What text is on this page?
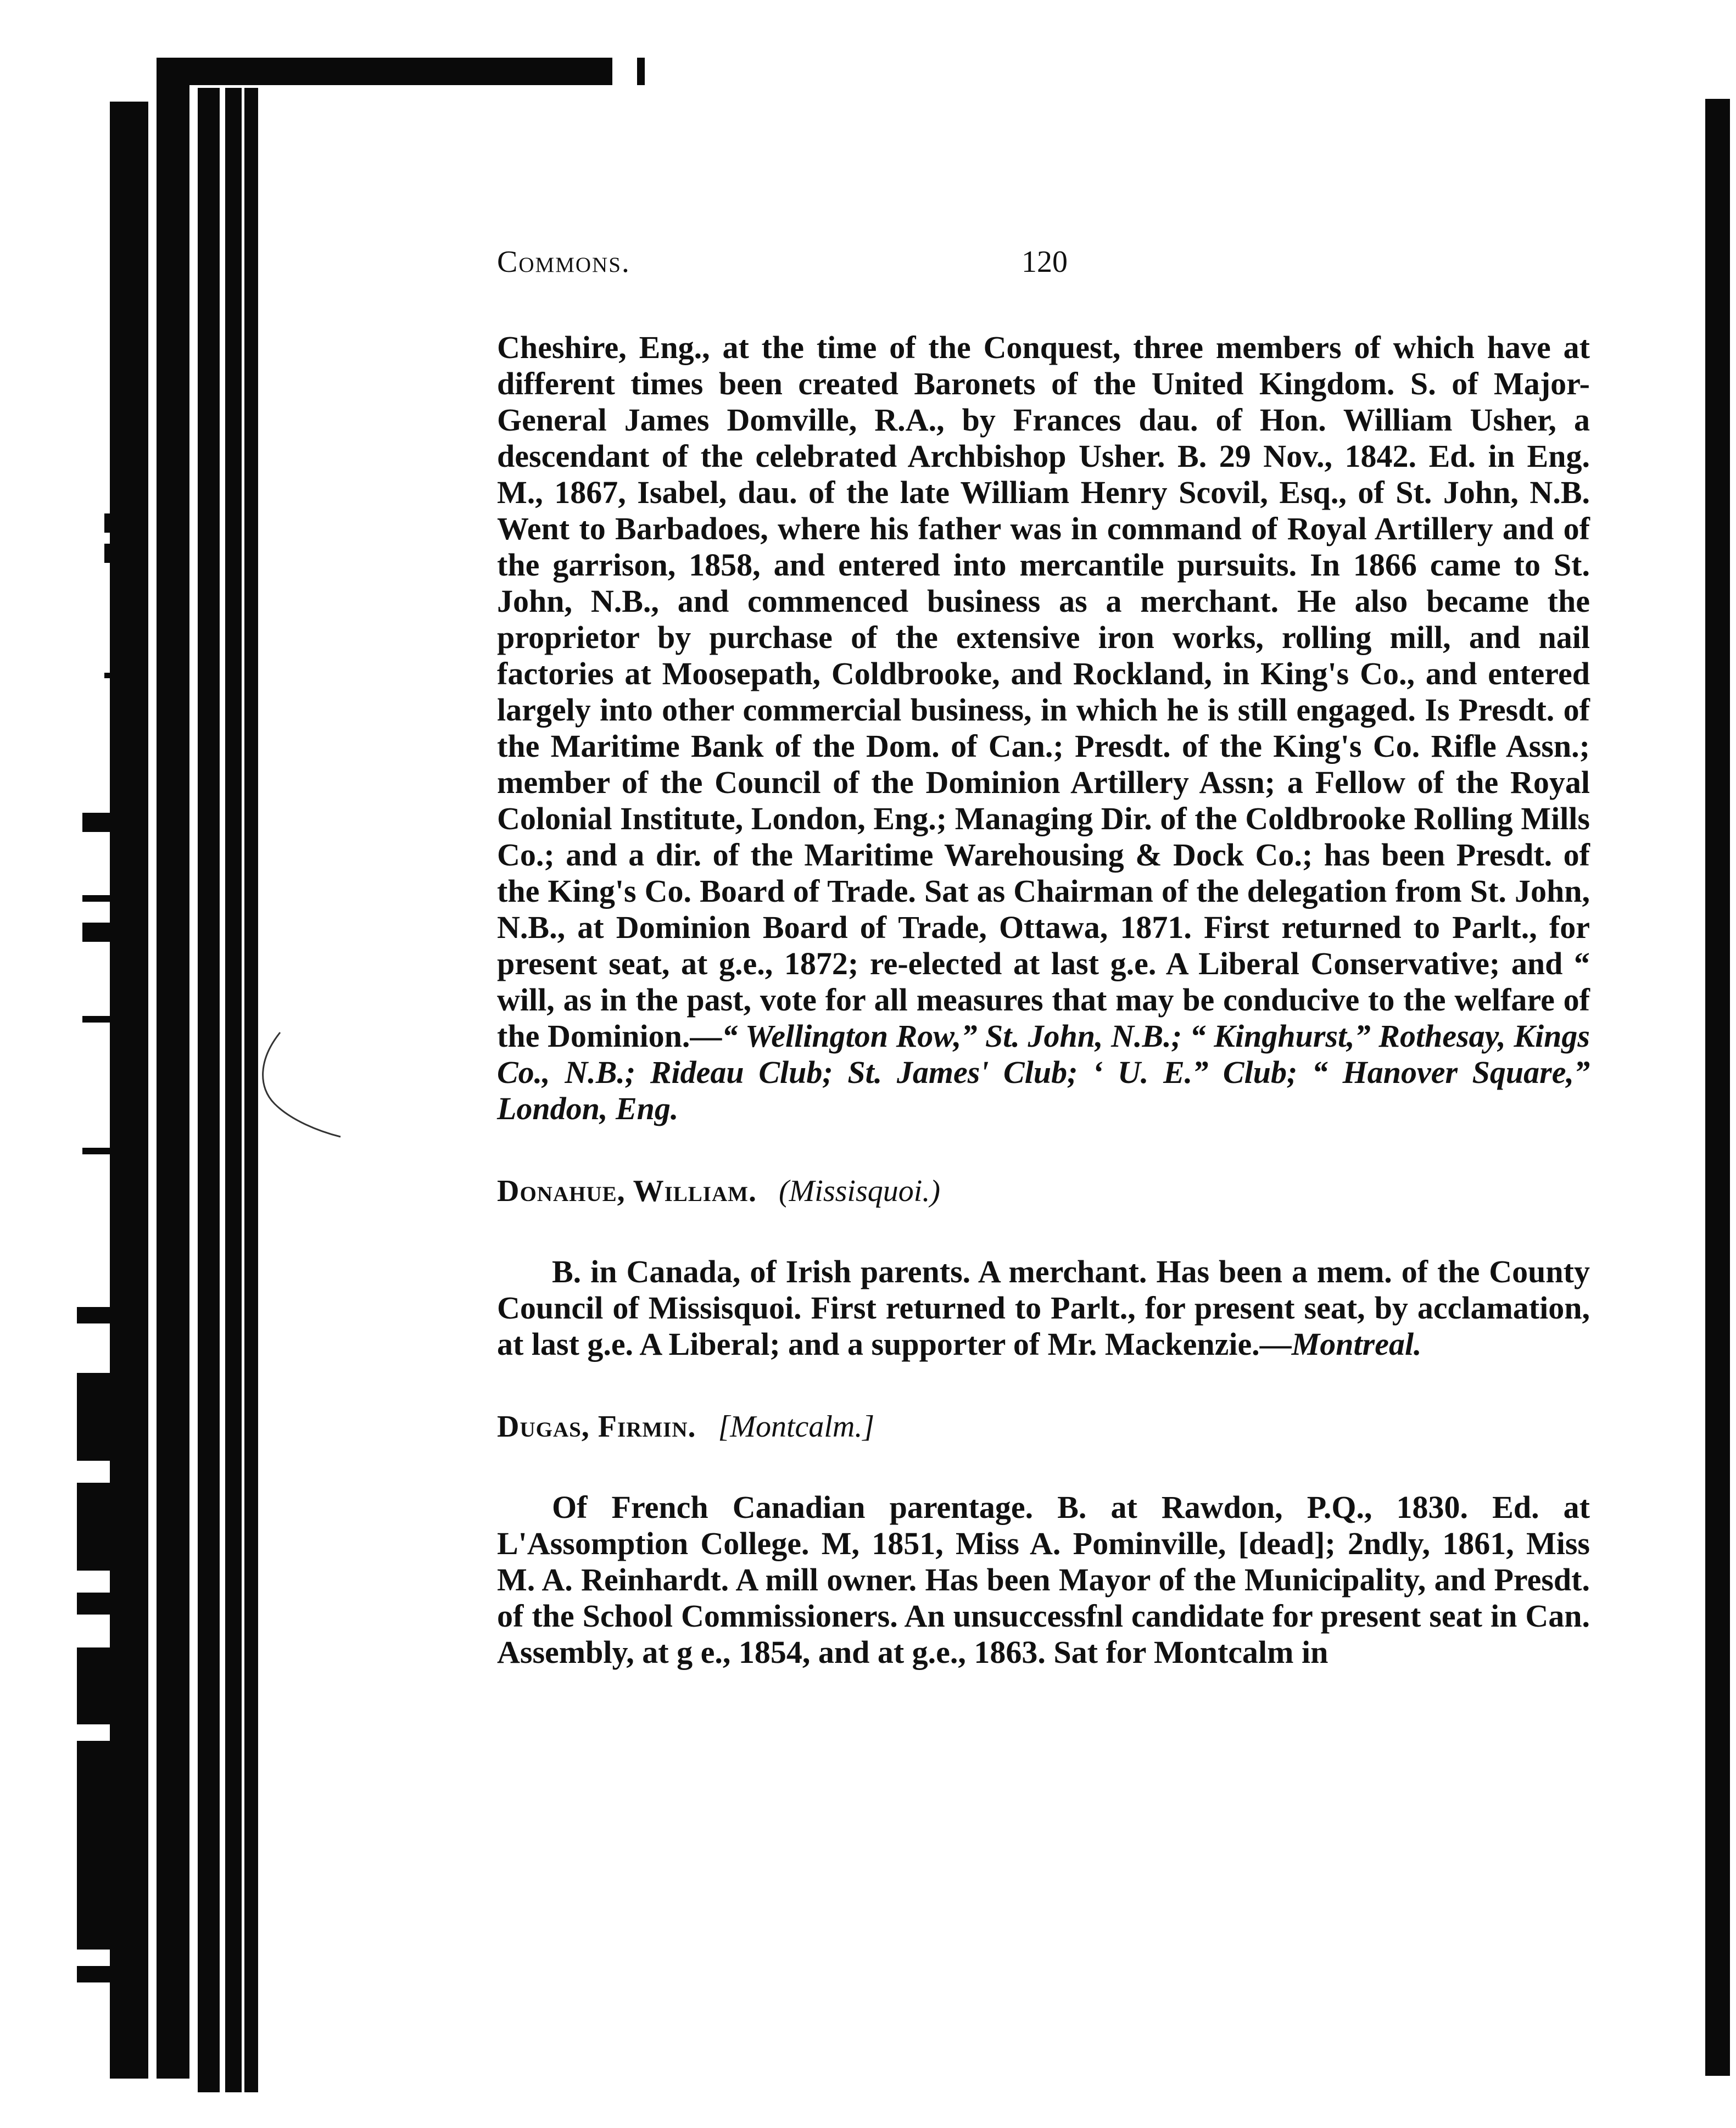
Commons.	120

Cheshire, Eng., at the time of the Conquest, three members of which have at different times been created Baronets of the United Kingdom. S. of Major-General James Domville, R.A., by Frances dau. of Hon. William Usher, a descendant of the celebrated Archbishop Usher. B. 29 Nov., 1842. Ed. in Eng. M., 1867, Isabel, dau. of the late William Henry Scovil, Esq., of St. John, N.B. Went to Barbadoes, where his father was in command of Royal Artillery and of the garrison, 1858, and entered into mercantile pursuits. In 1866 came to St. John, N.B., and commenced business as a merchant. He also became the proprietor by purchase of the extensive iron works, rolling mill, and nail factories at Moosepath, Coldbrooke, and Rockland, in King's Co., and entered largely into other commercial business, in which he is still engaged. Is Presdt. of the Maritime Bank of the Dom. of Can.; Presdt. of the King's Co. Rifle Assn.; member of the Council of the Dominion Artillery Assn; a Fellow of the Royal Colonial Institute, London, Eng.; Managing Dir. of the Coldbrooke Rolling Mills Co.; and a dir. of the Maritime Warehousing & Dock Co.; has been Presdt. of the King's Co. Board of Trade. Sat as Chairman of the delegation from St. John, N.B., at Dominion Board of Trade, Ottawa, 1871. First returned to Parlt., for present seat, at g.e., 1872; re-elected at last g.e. A Liberal Conservative; and “ will, as in the past, vote for all measures that may be conducive to the welfare of the Dominion.—“ Wellington Row,” St. John, N.B.; “ Kinghurst,” Rothesay, Kings Co., N.B.; Rideau Club; St. James' Club; ‘ U. E.” Club; “ Hanover Square,” London, Eng.

Donahue, William. (Missisquoi.)

B. in Canada, of Irish parents. A merchant. Has been a mem. of the County Council of Missisquoi. First returned to Parlt., for present seat, by acclamation, at last g.e. A Liberal; and a supporter of Mr. Mackenzie.—Montreal.

Dugas, Firmin. [Montcalm.]

Of French Canadian parentage. B. at Rawdon, P.Q., 1830. Ed. at L'Assomption College. M, 1851, Miss A. Pominville, [dead]; 2ndly, 1861, Miss M. A. Reinhardt. A mill owner. Has been Mayor of the Municipality, and Presdt. of the School Commissioners. An unsuccessfnl candidate for present seat in Can. Assembly, at g e., 1854, and at g.e., 1863. Sat for Montcalm in
